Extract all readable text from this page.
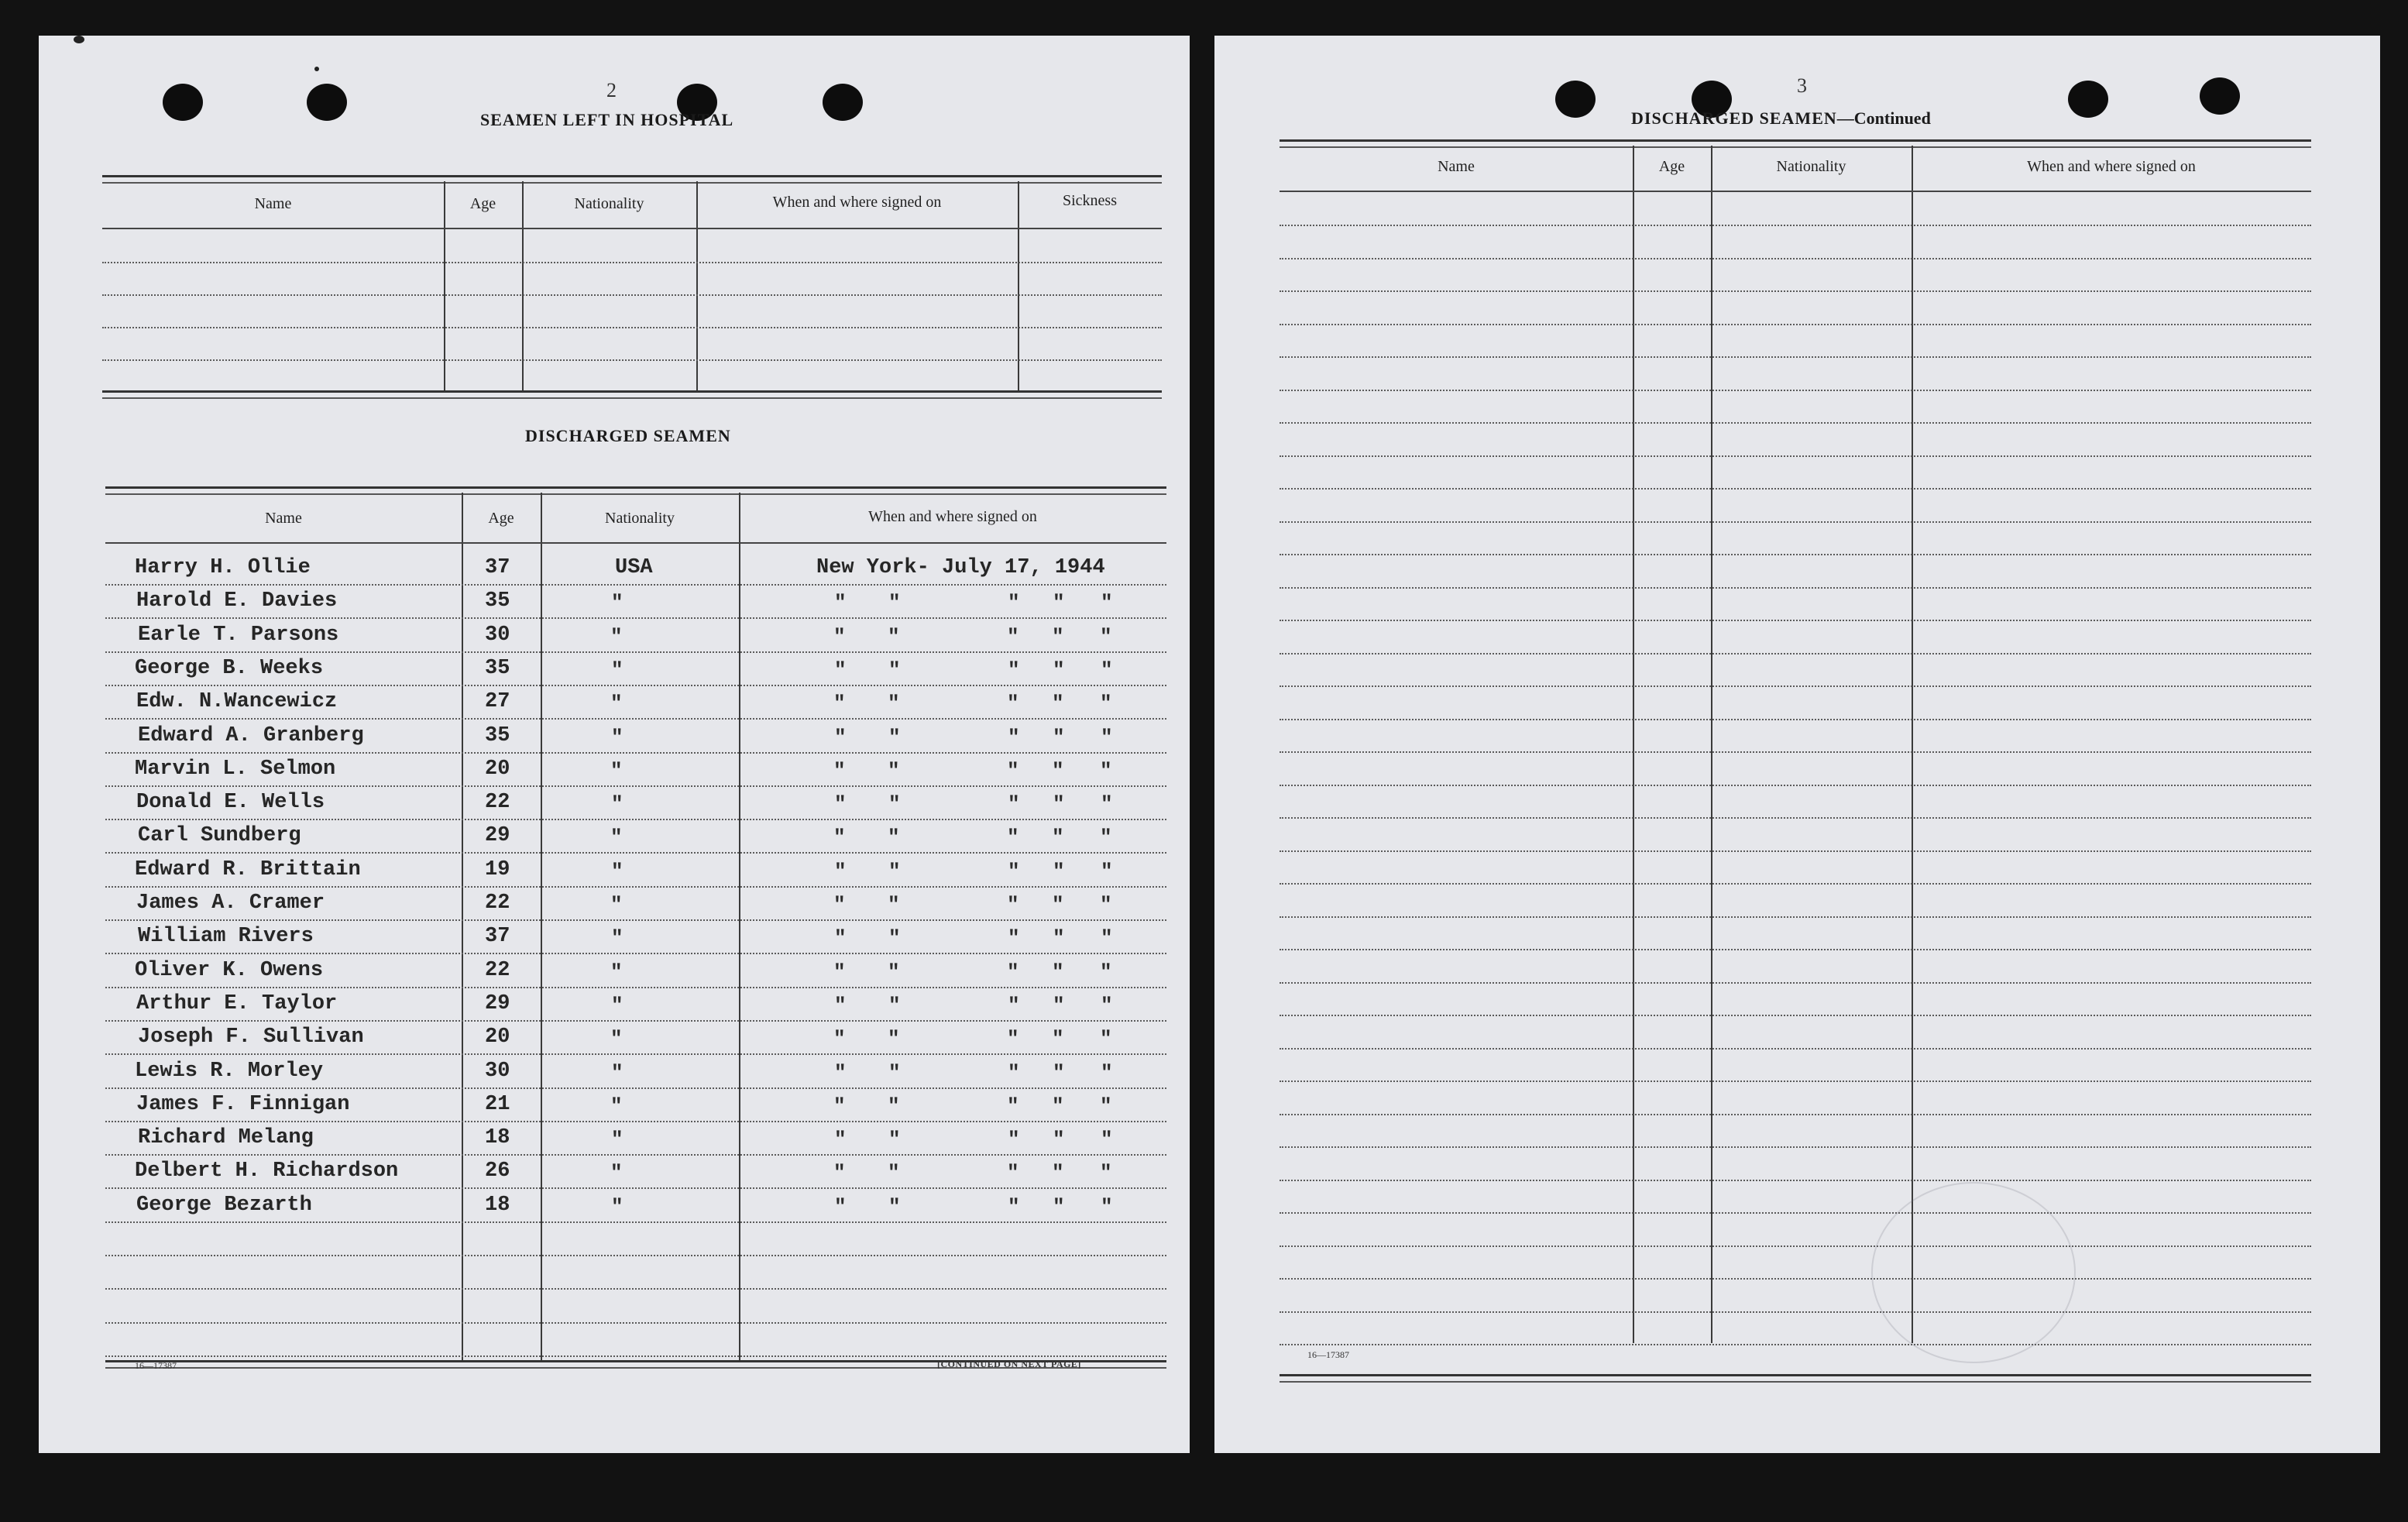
2
SEAMEN LEFT IN HOSPITAL
Name	Age	Nationality	When and where signed on	Sickness
DISCHARGED SEAMEN
Name	Age	Nationality	When and where signed on
Harry H. Ollie	37	USA	New York- July 17, 1944
Harold E. Davies	35	"	" "	" " "
Earle T. Parsons	30	"	" "	" " "
George B. Weeks	35	"	" "	" " "
Edw. N.Wancewicz	27	"	" "	" " "
Edward A. Granberg	35	"	" "	" " "
Marvin L. Selmon	20	"	" "	" " "
Donald E. Wells	22	"	" "	" " "
Carl Sundberg	29	"	" "	" " "
Edward R. Brittain	19	"	" "	" " "
James A. Cramer	22	"	" "	" " "
William Rivers	37	"	" "	" " "
Oliver K. Owens	22	"	" "	" " "
Arthur E. Taylor	29	"	" "	" " "
Joseph F. Sullivan	20	"	" "	" " "
Lewis R. Morley	30	"	" "	" " "
James F. Finnigan	21	"	" "	" " "
Richard Melang	18	"	" "	" " "
Delbert H. Richardson	26	"	" "	" " "
George Bezarth	18	"	" "	" " "
16—17387	[CONTINUED ON NEXT PAGE]
3
DISCHARGED SEAMEN—Continued
Name	Age	Nationality	When and where signed on
16—17387
